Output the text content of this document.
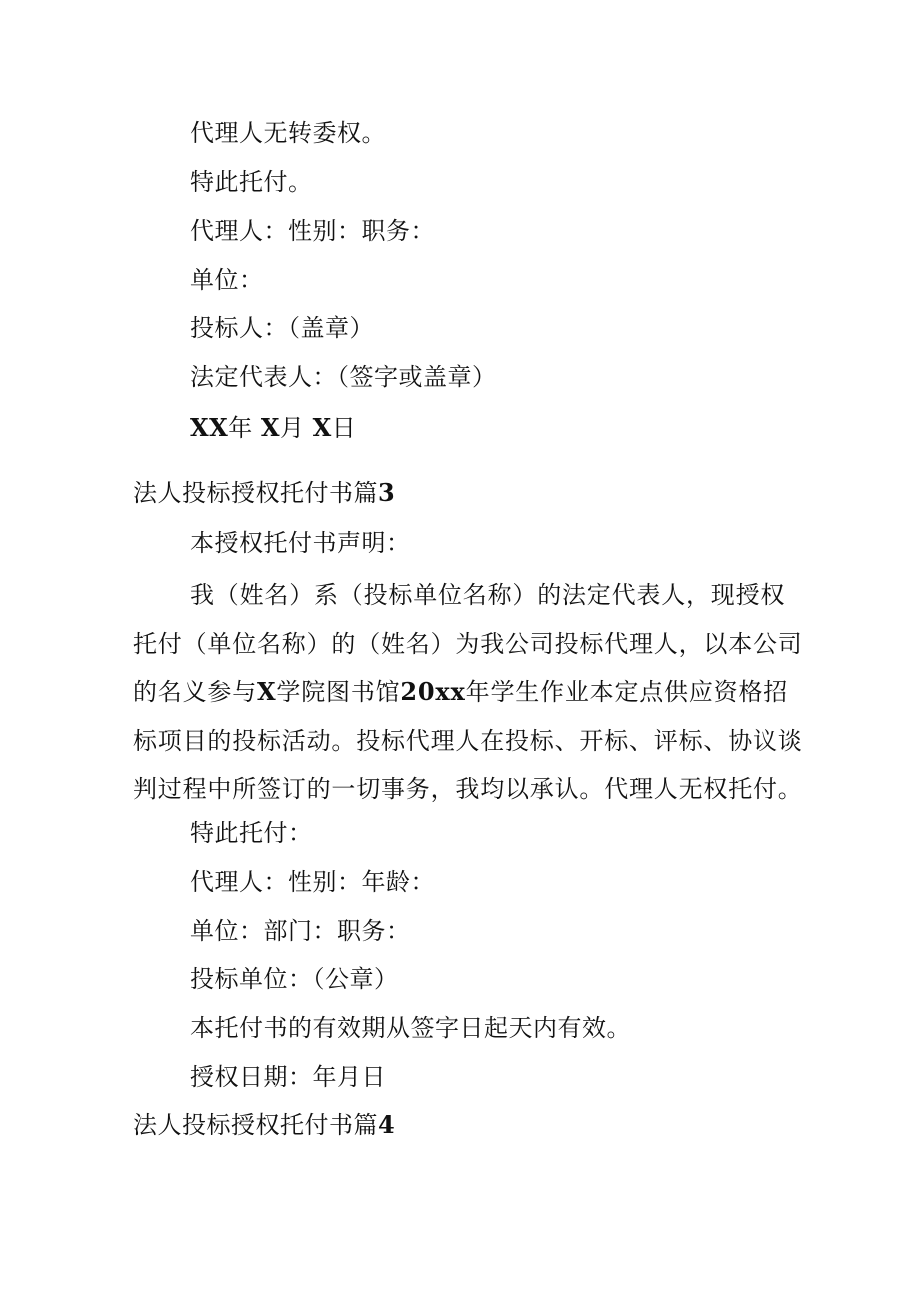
代理人无转委权。
特此托付。
代理人：性别：职务：
单位：
投标人：（盖章）
法定代表人：（签字或盖章）
XX年 X月 X日
法人投标授权托付书篇3
本授权托付书声明：
我（姓名）系（投标单位名称）的法定代表人，现授权
托付（单位名称）的（姓名）为我公司投标代理人，以本公司
的名义参与X学院图书馆20xx年学生作业本定点供应资格招
标项目的投标活动。投标代理人在投标、开标、评标、协议谈
判过程中所签订的一切事务，我均以承认。代理人无权托付。
特此托付：
代理人：性别：年龄：
单位：部门：职务：
投标单位：（公章）
本托付书的有效期从签字日起天内有效。
授权日期：年月日
法人投标授权托付书篇4
